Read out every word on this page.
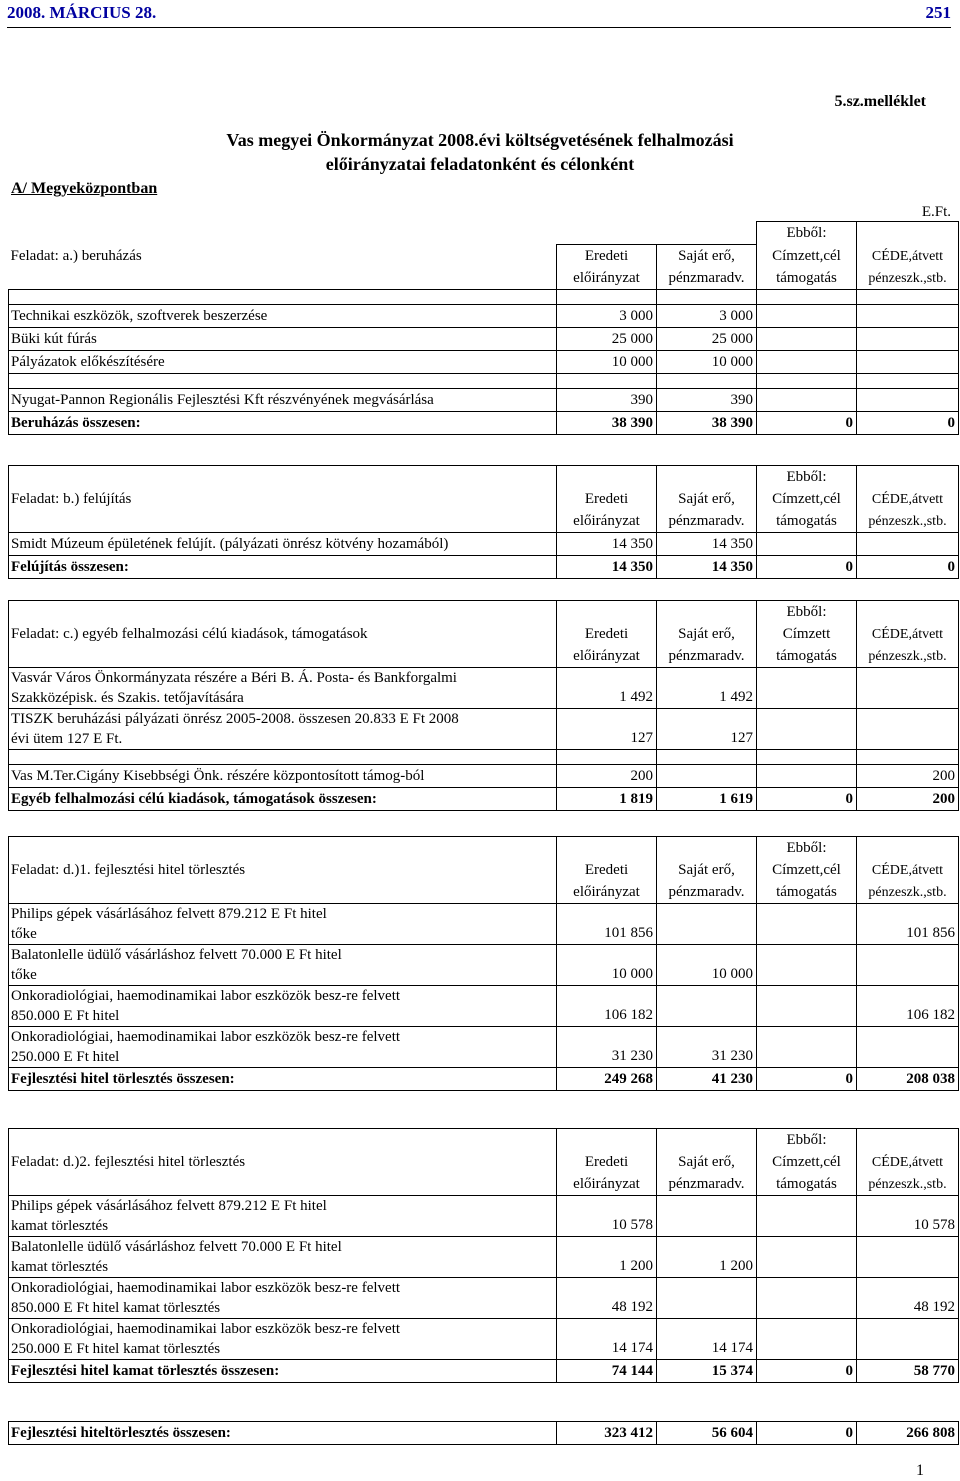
2008. MÁRCIUS 28.	251
5.sz.melléklet
Vas megyei Önkormányzat 2008.évi költségvetésének felhalmozási
előirányzatai feladatonként és célonként
A/ Megyeközpontban
E.Ft.
			Ebből:	
Feladat: a.) beruházás	Eredeti	Saját erő,	Címzett,cél	CÉDE,átvett
	előirányzat	pénzmaradv.	támogatás	pénzeszk.,stb.

Technikai eszközök, szoftverek beszerzése	3 000	3 000		
Büki kút fúrás	25 000	25 000		
Pályázatok előkészítésére	10 000	10 000		

Nyugat-Pannon Regionális Fejlesztési Kft részvényének megvásárlása	390	390		
Beruházás összesen:	38 390	38 390	0	0
			Ebből:	
Feladat: b.) felújítás	Eredeti	Saját erő,	Címzett,cél	CÉDE,átvett
	előirányzat	pénzmaradv.	támogatás	pénzeszk.,stb.
Smidt Múzeum épületének felújít. (pályázati önrész kötvény hozamából)	14 350	14 350		
Felújítás összesen:	14 350	14 350	0	0
			Ebből:	
Feladat: c.) egyéb felhalmozási célú kiadások, támogatások	Eredeti	Saját erő,	Címzett	CÉDE,átvett
	előirányzat	pénzmaradv.	támogatás	pénzeszk.,stb.

Vasvár Város Önkormányzata részére a Béri B. Á. Posta- és Bankforgalmi
Szakközépisk. és Szakis. tetőjavítására	1 492	1 492		

TISZK beruházási pályázati önrész 2005-2008. összesen 20.833 E Ft 2008
évi ütem 127 E Ft.	127	127		

Vas M.Ter.Cigány Kisebbségi Önk. részére központosított támog-ból	200			200
Egyéb felhalmozási célú kiadások, támogatások összesen:	1 819	1 619	0	200
			Ebből:	
Feladat: d.)1. fejlesztési hitel törlesztés	Eredeti	Saját erő,	Címzett,cél	CÉDE,átvett
	előirányzat	pénzmaradv.	támogatás	pénzeszk.,stb.

Philips gépek vásárlásához felvett 879.212 E Ft hitel
tőke	101 856			101 856

Balatonlelle üdülő vásárláshoz felvett 70.000 E Ft hitel
tőke	10 000	10 000		

Onkoradiológiai, haemodinamikai labor eszközök besz-re felvett
850.000 E Ft hitel	106 182			106 182

Onkoradiológiai, haemodinamikai labor eszközök besz-re felvett
250.000 E Ft hitel	31 230	31 230		
Fejlesztési hitel törlesztés összesen:	249 268	41 230	0	208 038
			Ebből:	
Feladat: d.)2. fejlesztési hitel törlesztés	Eredeti	Saját erő,	Címzett,cél	CÉDE,átvett
	előirányzat	pénzmaradv.	támogatás	pénzeszk.,stb.

Philips gépek vásárlásához felvett 879.212 E Ft hitel
kamat törlesztés	10 578			10 578

Balatonlelle üdülő vásárláshoz felvett 70.000 E Ft hitel
kamat törlesztés	1 200	1 200		

Onkoradiológiai, haemodinamikai labor eszközök besz-re felvett
850.000 E Ft hitel kamat törlesztés	48 192			48 192

Onkoradiológiai, haemodinamikai labor eszközök besz-re felvett
250.000 E Ft hitel kamat törlesztés	14 174	14 174		
Fejlesztési hitel kamat törlesztés összesen:	74 144	15 374	0	58 770
Fejlesztési hiteltörlesztés összesen:	323 412	56 604	0	266 808
1
